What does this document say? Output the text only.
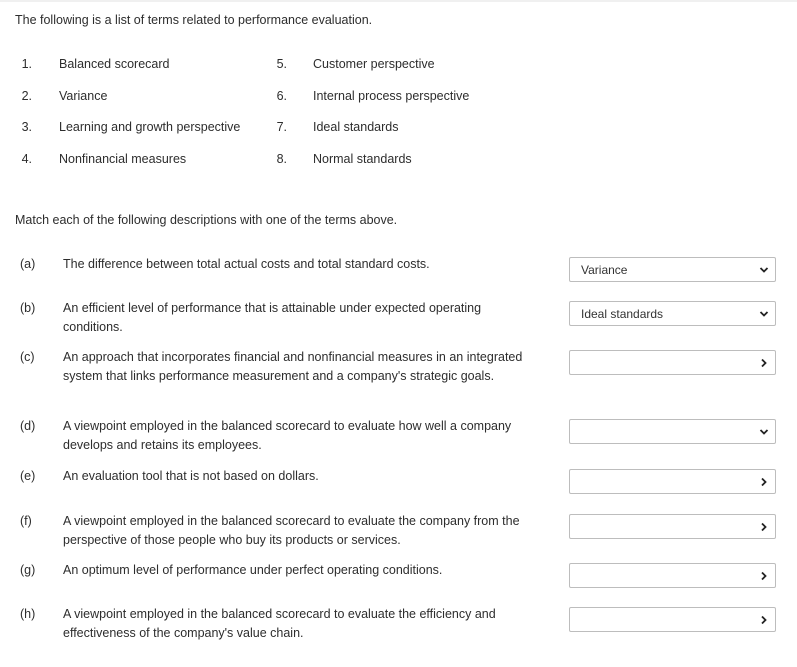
The following is a list of terms related to performance evaluation.
1. Balanced scorecard
2. Variance
3. Learning and growth perspective
4. Nonfinancial measures
5. Customer perspective
6. Internal process perspective
7. Ideal standards
8. Normal standards
Match each of the following descriptions with one of the terms above.
(a) The difference between total actual costs and total standard costs.	Variance
(b) An efficient level of performance that is attainable under expected operating conditions.
Ideal standards
(c) An approach that incorporates financial and nonfinancial measures in an integrated system that links performance measurement and a company's strategic goals.
(d) A viewpoint employed in the balanced scorecard to evaluate how well a company develops and retains its employees.
(e) An evaluation tool that is not based on dollars.
(f) A viewpoint employed in the balanced scorecard to evaluate the company from the perspective of those people who buy its products or services.
(g) An optimum level of performance under perfect operating conditions.
(h) A viewpoint employed in the balanced scorecard to evaluate the efficiency and effectiveness of the company's value chain.
